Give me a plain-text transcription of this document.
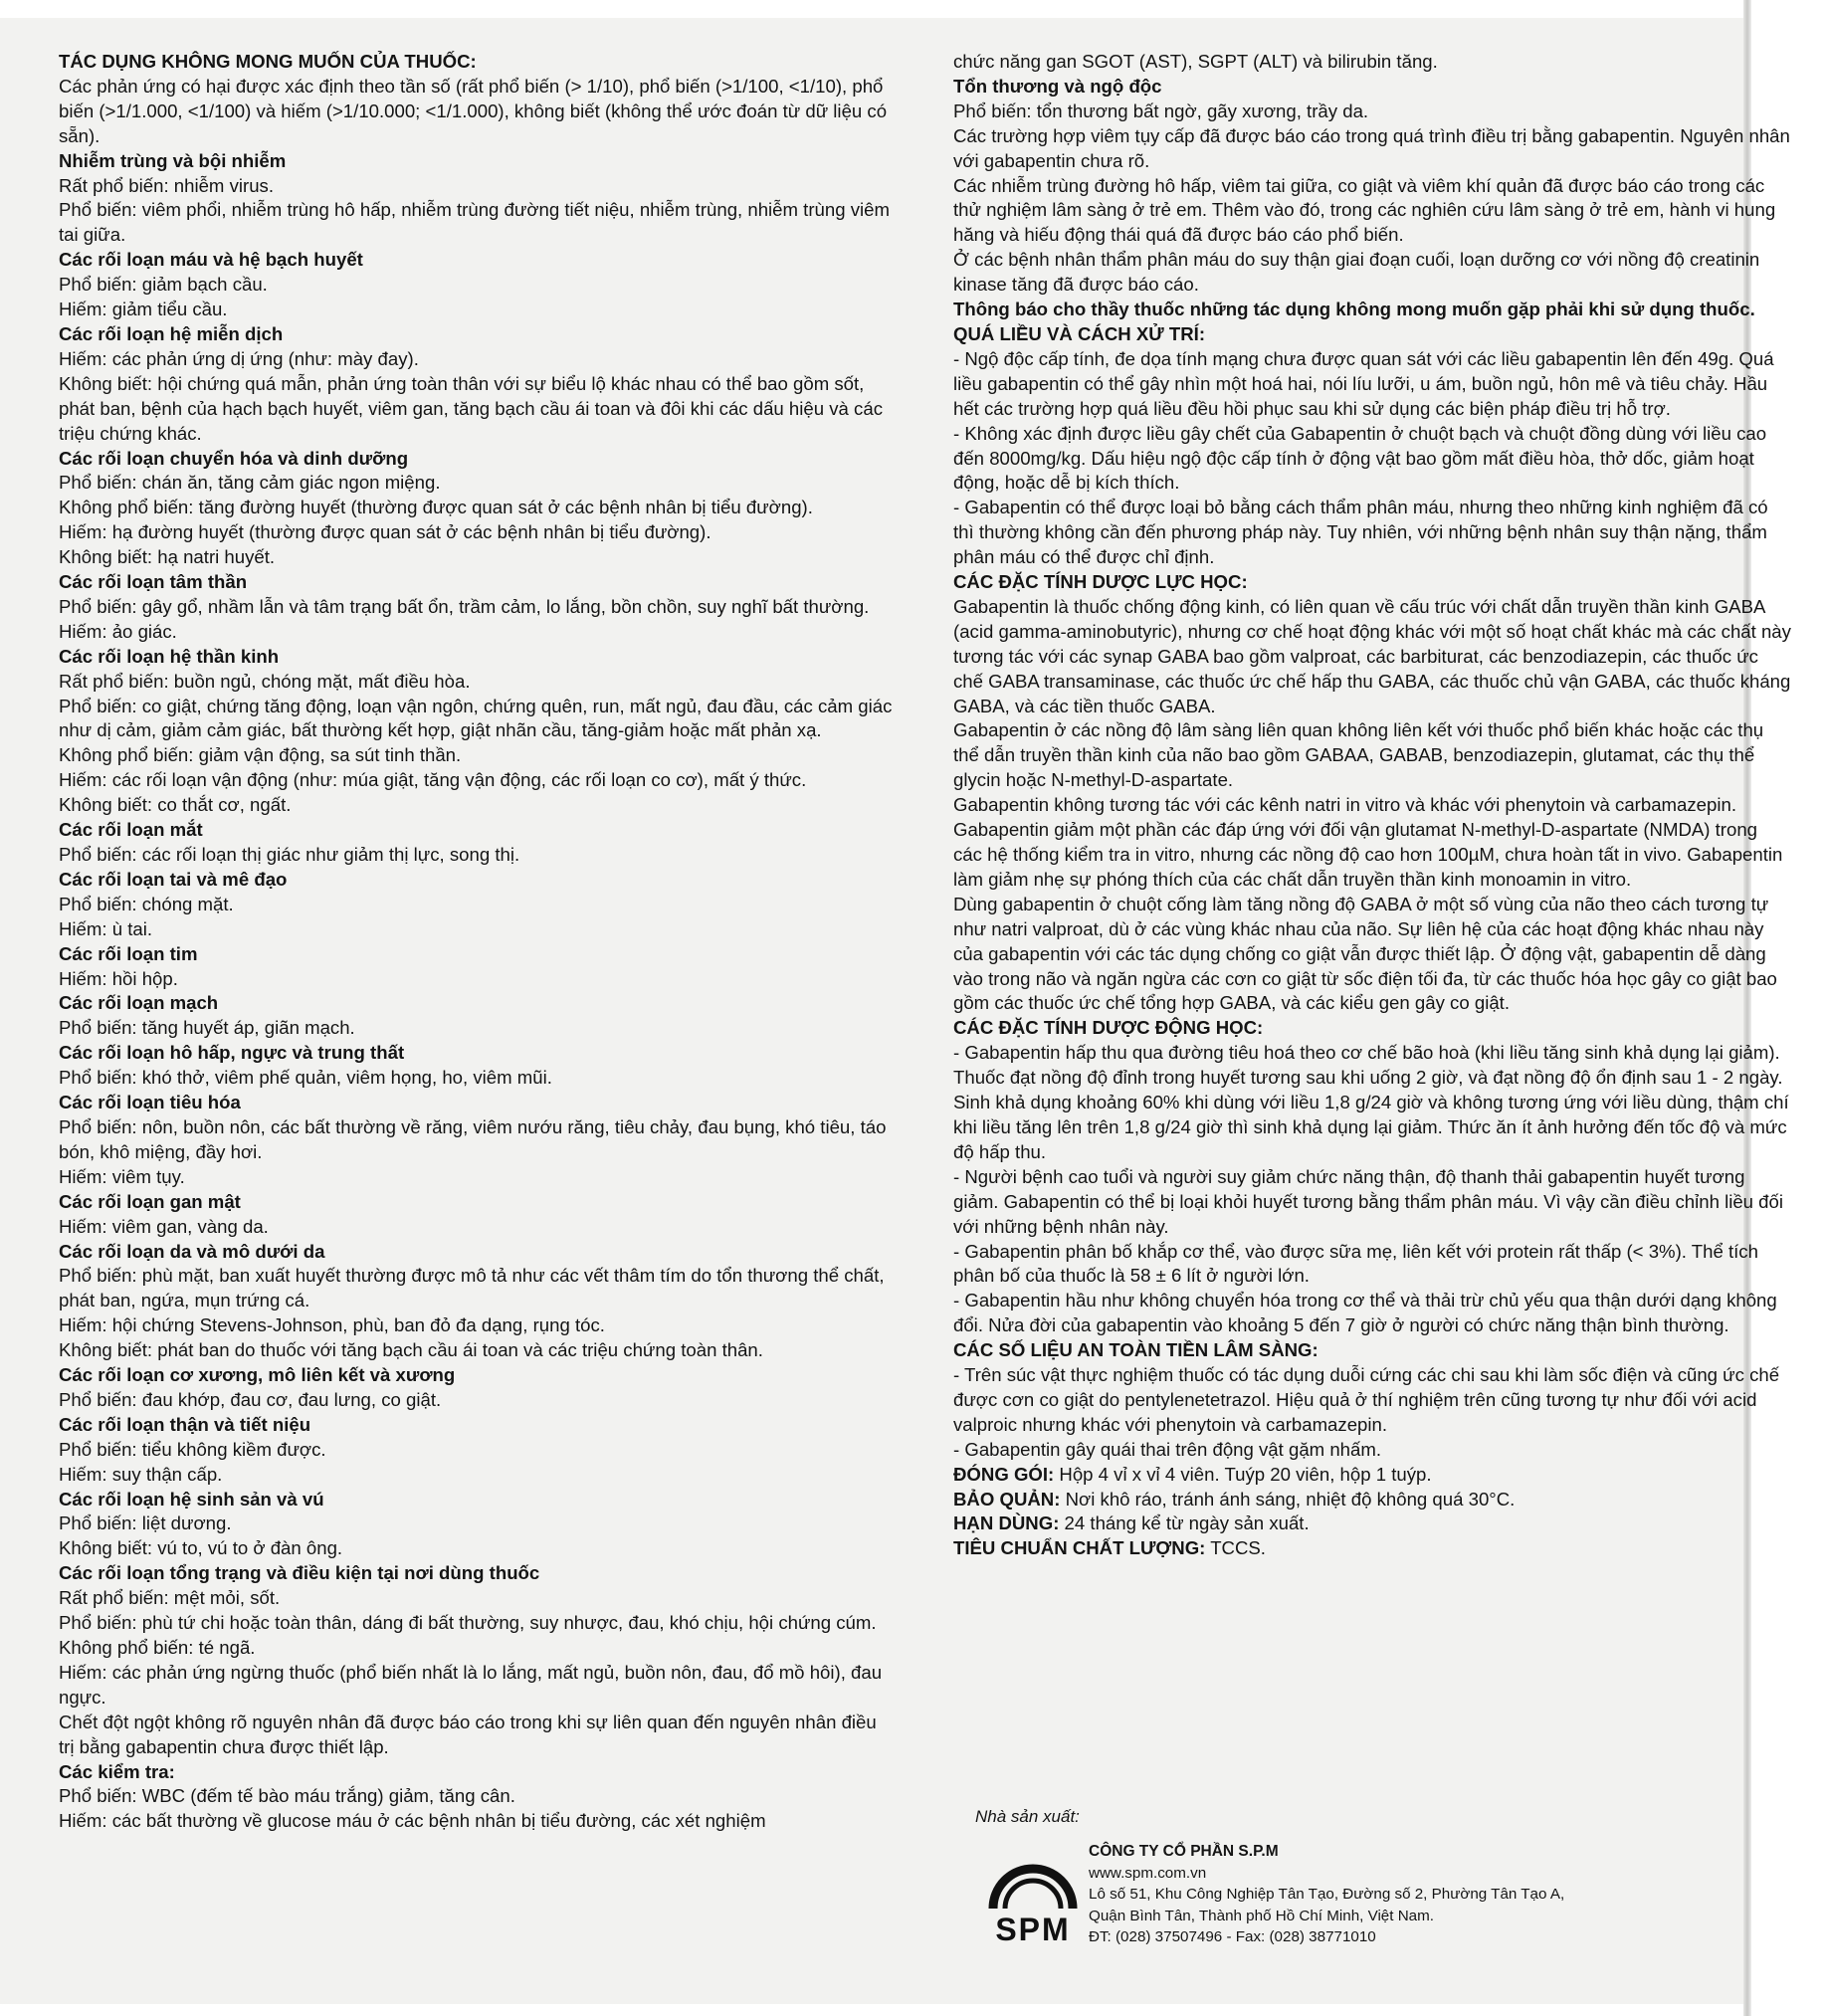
TÁC DỤNG KHÔNG MONG MUỐN CỦA THUỐC:

Các phản ứng có hại được xác định theo tần số (rất phổ biến (> 1/10), phổ biến (>1/100, <1/10), phổ biến (>1/1.000, <1/100) và hiếm (>1/10.000; <1/1.000), không biết (không thể ước đoán từ dữ liệu có sẵn).

Nhiễm trùng và bội nhiễm

Rất phổ biến: nhiễm virus.

Phổ biến: viêm phổi, nhiễm trùng hô hấp, nhiễm trùng đường tiết niệu, nhiễm trùng, nhiễm trùng viêm tai giữa.

Các rối loạn máu và hệ bạch huyết

Phổ biến: giảm bạch cầu.

Hiếm: giảm tiểu cầu.

Các rối loạn hệ miễn dịch

Hiếm: các phản ứng dị ứng (như: mày đay).

Không biết: hội chứng quá mẫn, phản ứng toàn thân với sự biểu lộ khác nhau có thể bao gồm sốt, phát ban, bệnh của hạch bạch huyết, viêm gan, tăng bạch cầu ái toan và đôi khi các dấu hiệu và các triệu chứng khác.

Các rối loạn chuyển hóa và dinh dưỡng

Phổ biến: chán ăn, tăng cảm giác ngon miệng.

Không phổ biến: tăng đường huyết (thường được quan sát ở các bệnh nhân bị tiểu đường).

Hiếm: hạ đường huyết (thường được quan sát ở các bệnh nhân bị tiểu đường).

Không biết: hạ natri huyết.

Các rối loạn tâm thần

Phổ biến: gây gổ, nhầm lẫn và tâm trạng bất ổn, trầm cảm, lo lắng, bồn chồn, suy nghĩ bất thường.

Hiếm: ảo giác.

Các rối loạn hệ thần kinh

Rất phổ biến: buồn ngủ, chóng mặt, mất điều hòa.

Phổ biến: co giật, chứng tăng động, loạn vận ngôn, chứng quên, run, mất ngủ, đau đầu, các cảm giác như dị cảm, giảm cảm giác, bất thường kết hợp, giật nhãn cầu, tăng-giảm hoặc mất phản xạ.

Không phổ biến: giảm vận động, sa sút tinh thần.

Hiếm: các rối loạn vận động (như: múa giật, tăng vận động, các rối loạn co cơ), mất ý thức.

Không biết: co thắt cơ, ngất.

Các rối loạn mắt

Phổ biến: các rối loạn thị giác như giảm thị lực, song thị.

Các rối loạn tai và mê đạo

Phổ biến: chóng mặt.

Hiếm: ù tai.

Các rối loạn tim

Hiếm: hồi hộp.

Các rối loạn mạch

Phổ biến: tăng huyết áp, giãn mạch.

Các rối loạn hô hấp, ngực và trung thất

Phổ biến: khó thở, viêm phế quản, viêm họng, ho, viêm mũi.

Các rối loạn tiêu hóa

Phổ biến: nôn, buồn nôn, các bất thường về răng, viêm nướu răng, tiêu chảy, đau bụng, khó tiêu, táo bón, khô miệng, đầy hơi.

Hiếm: viêm tụy.

Các rối loạn gan mật

Hiếm: viêm gan, vàng da.

Các rối loạn da và mô dưới da

Phổ biến: phù mặt, ban xuất huyết thường được mô tả như các vết thâm tím do tổn thương thể chất, phát ban, ngứa, mụn trứng cá.

Hiếm: hội chứng Stevens-Johnson, phù, ban đỏ đa dạng, rụng tóc.

Không biết: phát ban do thuốc với tăng bạch cầu ái toan và các triệu chứng toàn thân.

Các rối loạn cơ xương, mô liên kết và xương

Phổ biến: đau khớp, đau cơ, đau lưng, co giật.

Các rối loạn thận và tiết niệu

Phổ biến: tiểu không kiềm được.

Hiếm: suy thận cấp.

Các rối loạn hệ sinh sản và vú

Phổ biến: liệt dương.

Không biết: vú to, vú to ở đàn ông.

Các rối loạn tổng trạng và điều kiện tại nơi dùng thuốc

Rất phổ biến: mệt mỏi, sốt.

Phổ biến: phù tứ chi hoặc toàn thân, dáng đi bất thường, suy nhược, đau, khó chịu, hội chứng cúm.

Không phổ biến: té ngã.

Hiếm: các phản ứng ngừng thuốc (phổ biến nhất là lo lắng, mất ngủ, buồn nôn, đau, đổ mồ hôi), đau ngực.

Chết đột ngột không rõ nguyên nhân đã được báo cáo trong khi sự liên quan đến nguyên nhân điều trị bằng gabapentin chưa được thiết lập.

Các kiểm tra:

Phổ biến: WBC (đếm tế bào máu trắng) giảm, tăng cân.

Hiếm: các bất thường về glucose máu ở các bệnh nhân bị tiểu đường, các xét nghiệm

chức năng gan SGOT (AST), SGPT (ALT) và bilirubin tăng.

Tổn thương và ngộ độc

Phổ biến: tổn thương bất ngờ, gãy xương, trầy da.

Các trường hợp viêm tụy cấp đã được báo cáo trong quá trình điều trị bằng gabapentin. Nguyên nhân với gabapentin chưa rõ.

Các nhiễm trùng đường hô hấp, viêm tai giữa, co giật và viêm khí quản đã được báo cáo trong các thử nghiệm lâm sàng ở trẻ em. Thêm vào đó, trong các nghiên cứu lâm sàng ở trẻ em, hành vi hung hăng và hiếu động thái quá đã được báo cáo phổ biến.

Ở các bệnh nhân thẩm phân máu do suy thận giai đoạn cuối, loạn dưỡng cơ với nồng độ creatinin kinase tăng đã được báo cáo.

Thông báo cho thầy thuốc những tác dụng không mong muốn gặp phải khi sử dụng thuốc.

QUÁ LIỀU VÀ CÁCH XỬ TRÍ:

- Ngộ độc cấp tính, đe dọa tính mạng chưa được quan sát với các liều gabapentin lên đến 49g. Quá liều gabapentin có thể gây nhìn một hoá hai, nói líu lưỡi, u ám, buồn ngủ, hôn mê và tiêu chảy. Hầu hết các trường hợp quá liều đều hồi phục sau khi sử dụng các biện pháp điều trị hỗ trợ.

- Không xác định được liều gây chết của Gabapentin ở chuột bạch và chuột đồng dùng với liều cao đến 8000mg/kg. Dấu hiệu ngộ độc cấp tính ở động vật bao gồm mất điều hòa, thở dốc, giảm hoạt động, hoặc dễ bị kích thích.

- Gabapentin có thể được loại bỏ bằng cách thẩm phân máu, nhưng theo những kinh nghiệm đã có thì thường không cần đến phương pháp này. Tuy nhiên, với những bệnh nhân suy thận nặng, thẩm phân máu có thể được chỉ định.

CÁC ĐẶC TÍNH DƯỢC LỰC HỌC:

Gabapentin là thuốc chống động kinh, có liên quan về cấu trúc với chất dẫn truyền thần kinh GABA (acid gamma-aminobutyric), nhưng cơ chế hoạt động khác với một số hoạt chất khác mà các chất này tương tác với các synap GABA bao gồm valproat, các barbiturat, các benzodiazepin, các thuốc ức chế GABA transaminase, các thuốc ức chế hấp thu GABA, các thuốc chủ vận GABA, các thuốc kháng GABA, và các tiền thuốc GABA.

Gabapentin ở các nồng độ lâm sàng liên quan không liên kết với thuốc phổ biến khác hoặc các thụ thể dẫn truyền thần kinh của não bao gồm GABAA, GABAB, benzodiazepin, glutamat, các thụ thể glycin hoặc N-methyl-D-aspartate.

Gabapentin không tương tác với các kênh natri in vitro và khác với phenytoin và carbamazepin. Gabapentin giảm một phần các đáp ứng với đối vận glutamat N-methyl-D-aspartate (NMDA) trong các hệ thống kiểm tra in vitro, nhưng các nồng độ cao hơn 100µM, chưa hoàn tất in vivo. Gabapentin làm giảm nhẹ sự phóng thích của các chất dẫn truyền thần kinh monoamin in vitro.

Dùng gabapentin ở chuột cống làm tăng nồng độ GABA ở một số vùng của não theo cách tương tự như natri valproat, dù ở các vùng khác nhau của não. Sự liên hệ của các hoạt động khác nhau này của gabapentin với các tác dụng chống co giật vẫn được thiết lập. Ở động vật, gabapentin dễ dàng vào trong não và ngăn ngừa các cơn co giật từ sốc điện tối đa, từ các thuốc hóa học gây co giật bao gồm các thuốc ức chế tổng hợp GABA, và các kiểu gen gây co giật.

CÁC ĐẶC TÍNH DƯỢC ĐỘNG HỌC:

- Gabapentin hấp thu qua đường tiêu hoá theo cơ chế bão hoà (khi liều tăng sinh khả dụng lại giảm). Thuốc đạt nồng độ đỉnh trong huyết tương sau khi uống 2 giờ, và đạt nồng độ ổn định sau 1 - 2 ngày. Sinh khả dụng khoảng 60% khi dùng với liều 1,8 g/24 giờ và không tương ứng với liều dùng, thậm chí khi liều tăng lên trên 1,8 g/24 giờ thì sinh khả dụng lại giảm. Thức ăn ít ảnh hưởng đến tốc độ và mức độ hấp thu.

- Người bệnh cao tuổi và người suy giảm chức năng thận, độ thanh thải gabapentin huyết tương giảm. Gabapentin có thể bị loại khỏi huyết tương bằng thẩm phân máu. Vì vậy cần điều chỉnh liều đối với những bệnh nhân này.

- Gabapentin phân bố khắp cơ thể, vào được sữa mẹ, liên kết với protein rất thấp (< 3%). Thể tích phân bố của thuốc là 58 ± 6 lít ở người lớn.

- Gabapentin hầu như không chuyển hóa trong cơ thể và thải trừ chủ yếu qua thận dưới dạng không đổi. Nửa đời của gabapentin vào khoảng 5 đến 7 giờ ở người có chức năng thận bình thường.

CÁC SỐ LIỆU AN TOÀN TIỀN LÂM SÀNG:

- Trên súc vật thực nghiệm thuốc có tác dụng duỗi cứng các chi sau khi làm sốc điện và cũng ức chế được cơn co giật do pentylenetetrazol. Hiệu quả ở thí nghiệm trên cũng tương tự như đối với acid valproic nhưng khác với phenytoin và carbamazepin.

- Gabapentin gây quái thai trên động vật gặm nhấm.

ĐÓNG GÓI: Hộp 4 vỉ x vỉ 4 viên. Tuýp 20 viên, hộp 1 tuýp.

BẢO QUẢN: Nơi khô ráo, tránh ánh sáng, nhiệt độ không quá 30°C.

HẠN DÙNG: 24 tháng kể từ ngày sản xuất.

TIÊU CHUẨN CHẤT LƯỢNG: TCCS.

Nhà sản xuất:
SPM
CÔNG TY CỔ PHẦN S.P.M
www.spm.com.vn
Lô số 51, Khu Công Nghiệp Tân Tạo, Đường số 2, Phường Tân Tạo A,
Quận Bình Tân, Thành phố Hồ Chí Minh, Việt Nam.
ĐT: (028) 37507496 - Fax: (028) 38771010
